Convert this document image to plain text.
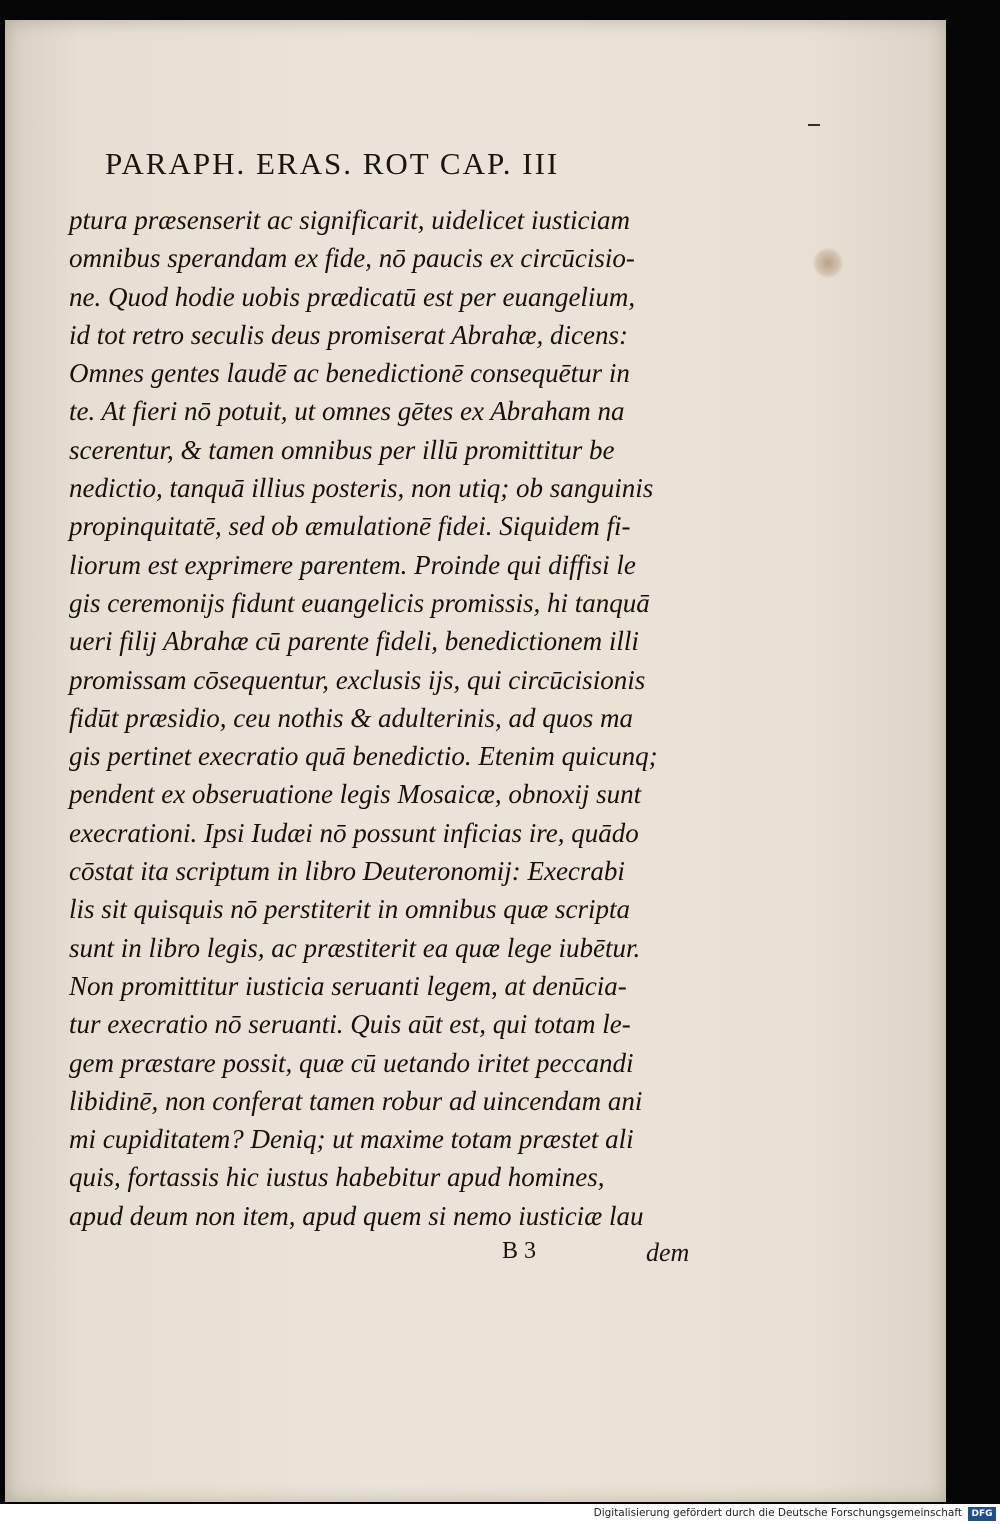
PARAPH. ERAS. ROT CAP. III
ptura præsenserit ac significarit, uidelicet iusticiam
omnibus sperandam ex fide, nō paucis ex circūcisio-
ne. Quod hodie uobis prædicatū est per euangelium,
id tot retro seculis deus promiserat Abrahæ, dicens:
Omnes gentes laudē ac benedictionē consequētur in
te. At fieri nō potuit, ut omnes gētes ex Abraham na
scerentur, & tamen omnibus per illū promittitur be
nedictio, tanquā illius posteris, non utiq; ob sanguinis
propinquitatē, sed ob æmulationē fidei. Siquidem fi-
liorum est exprimere parentem. Proinde qui diffisi le
gis ceremonijs fidunt euangelicis promissis, hi tanquā
ueri filij Abrahæ cū parente fideli, benedictionem illi
promissam cōsequentur, exclusis ijs, qui circūcisionis
fidūt præsidio, ceu nothis & adulterinis, ad quos ma
gis pertinet execratio quā benedictio. Etenim quicunq;
pendent ex obseruatione legis Mosaicæ, obnoxij sunt
execrationi. Ipsi Iudæi nō possunt inficias ire, quādo
cōstat ita scriptum in libro Deuteronomij: Execrabi
lis sit quisquis nō perstiterit in omnibus quæ scripta
sunt in libro legis, ac præstiterit ea quæ lege iubētur.
Non promittitur iusticia seruanti legem, at denūcia-
tur execratio nō seruanti. Quis aūt est, qui totam le-
gem præstare possit, quæ cū uetando iritet peccandi
libidinē, non conferat tamen robur ad uincendam ani
mi cupiditatem? Deniq; ut maxime totam præstet ali
quis, fortassis hic iustus habebitur apud homines,
apud deum non item, apud quem si nemo iusticiæ lau
B 3	dem
Digitalisierung gefördert durch die Deutsche Forschungsgemeinschaft	DFG
